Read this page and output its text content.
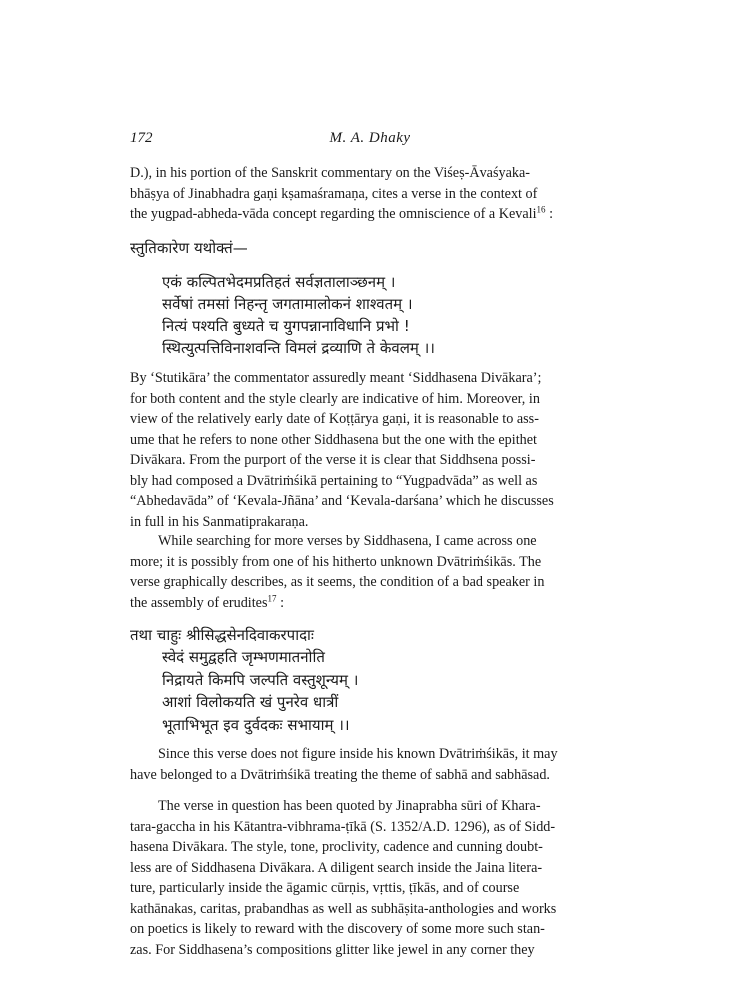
172	M. A. Dhaky
D.), in his portion of the Sanskrit commentary on the Viśeṣ-Āvaśyaka-
bhāṣya of Jinabhadra gaṇi kṣamaśramaṇa, cites a verse in the context of
the yugpad-abheda-vāda concept regarding the omniscience of a Kevali$^{16}$ :
स्तुतिकारेण यथोक्तं—
एकं कल्पितभेदमप्रतिहतं सर्वज्ञतालाञ्छनम् ।
सर्वेषां तमसां निहन्तृ जगतामालोकनं शाश्वतम् ।
नित्यं पश्यति बुध्यते च युगपन्नानाविधानि प्रभो !
स्थित्युत्पत्तिविनाशवन्ति विमलं द्रव्याणि ते केवलम् ।।
By ‘Stutikāra’ the commentator assuredly meant ‘Siddhasena Divākara’;
for both content and the style clearly are indicative of him. Moreover, in
view of the relatively early date of Koṭṭārya gaṇi, it is reasonable to ass-
ume that he refers to none other Siddhasena but the one with the epithet
Divākara. From the purport of the verse it is clear that Siddhsena possi-
bly had composed a Dvātriṁśikā pertaining to “Yugpadvāda” as well as
“Abhedavāda” of ‘Kevala-Jñāna’ and ‘Kevala-darśana’ which he discusses
in full in his Sanmatiprakaraṇa.
While searching for more verses by Siddhasena, I came across one
more; it is possibly from one of his hitherto unknown Dvātriṁśikās. The
verse graphically describes, as it seems, the condition of a bad speaker in
the assembly of erudites$^{17}$ :
तथा चाहुः श्रीसिद्धसेनदिवाकरपादाः
स्वेदं समुद्वहति जृम्भणमातनोति
निद्रायते किमपि जल्पति वस्तुशून्यम् ।
आशां विलोकयति खं पुनरेव धात्रीं
भूताभिभूत इव दुर्वदकः सभायाम् ।।
Since this verse does not figure inside his known Dvātriṁśikās, it may
have belonged to a Dvātriṁśikā treating the theme of sabhā and sabhāsad.
The verse in question has been quoted by Jinaprabha sūri of Khara-
tara-gaccha in his Kātantra-vibhrama-ṭīkā (S. 1352/A.D. 1296), as of Sidd-
hasena Divākara. The style, tone, proclivity, cadence and cunning doubt-
less are of Siddhasena Divākara. A diligent search inside the Jaina litera-
ture, particularly inside the āgamic cūrṇis, vṛttis, ṭīkās, and of course
kathānakas, caritas, prabandhas as well as subhāṣita-anthologies and works
on poetics is likely to reward with the discovery of some more such stan-
zas. For Siddhasena’s compositions glitter like jewel in any corner they
